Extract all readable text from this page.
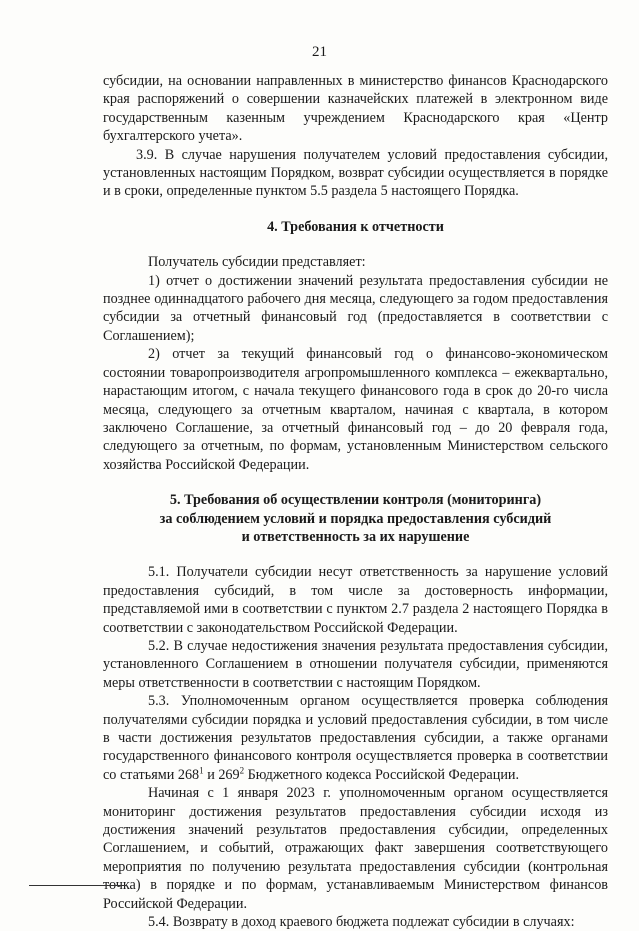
21

субсидии, на основании направленных в министерство финансов Краснодарского края распоряжений о совершении казначейских платежей в электронном виде государственным казенным учреждением Краснодарского края «Центр бухгалтерского учета».

3.9. В случае нарушения получателем условий предоставления субсидии, установленных настоящим Порядком, возврат субсидии осуществляется в порядке и в сроки, определенные пунктом 5.5 раздела 5 настоящего Порядка.

4. Требования к отчетности

Получатель субсидии представляет:

1) отчет о достижении значений результата предоставления субсидии не позднее одиннадцатого рабочего дня месяца, следующего за годом предоставления субсидии за отчетный финансовый год (предоставляется в соответствии с Соглашением);

2) отчет за текущий финансовый год о финансово-экономическом состоянии товаропроизводителя агропромышленного комплекса – ежеквартально, нарастающим итогом, с начала текущего финансового года в срок до 20-го числа месяца, следующего за отчетным кварталом, начиная с квартала, в котором заключено Соглашение, за отчетный финансовый год – до 20 февраля года, следующего за отчетным, по формам, установленным Министерством сельского хозяйства Российской Федерации.

5. Требования об осуществлении контроля (мониторинга)
за соблюдением условий и порядка предоставления субсидий
и ответственность за их нарушение

5.1. Получатели субсидии несут ответственность за нарушение условий предоставления субсидий, в том числе за достоверность информации, представляемой ими в соответствии с пунктом 2.7 раздела 2 настоящего Порядка в соответствии с законодательством Российской Федерации.

5.2. В случае недостижения значения результата предоставления субсидии, установленного Соглашением в отношении получателя субсидии, применяются меры ответственности в соответствии с настоящим Порядком.

5.3. Уполномоченным органом осуществляется проверка соблюдения получателями субсидии порядка и условий предоставления субсидии, в том числе в части достижения результатов предоставления субсидии, а также органами государственного финансового контроля осуществляется проверка в соответствии со статьями $268^1$ и $269^2$ Бюджетного кодекса Российской Федерации.

Начиная с 1 января 2023 г. уполномоченным органом осуществляется мониторинг достижения результатов предоставления субсидии исходя из достижения значений результатов предоставления субсидии, определенных Соглашением, и событий, отражающих факт завершения соответствующего мероприятия по получению результата предоставления субсидии (контрольная точка) в порядке и по формам, устанавливаемым Министерством финансов Российской Федерации.

5.4. Возврату в доход краевого бюджета подлежат субсидии в случаях:
